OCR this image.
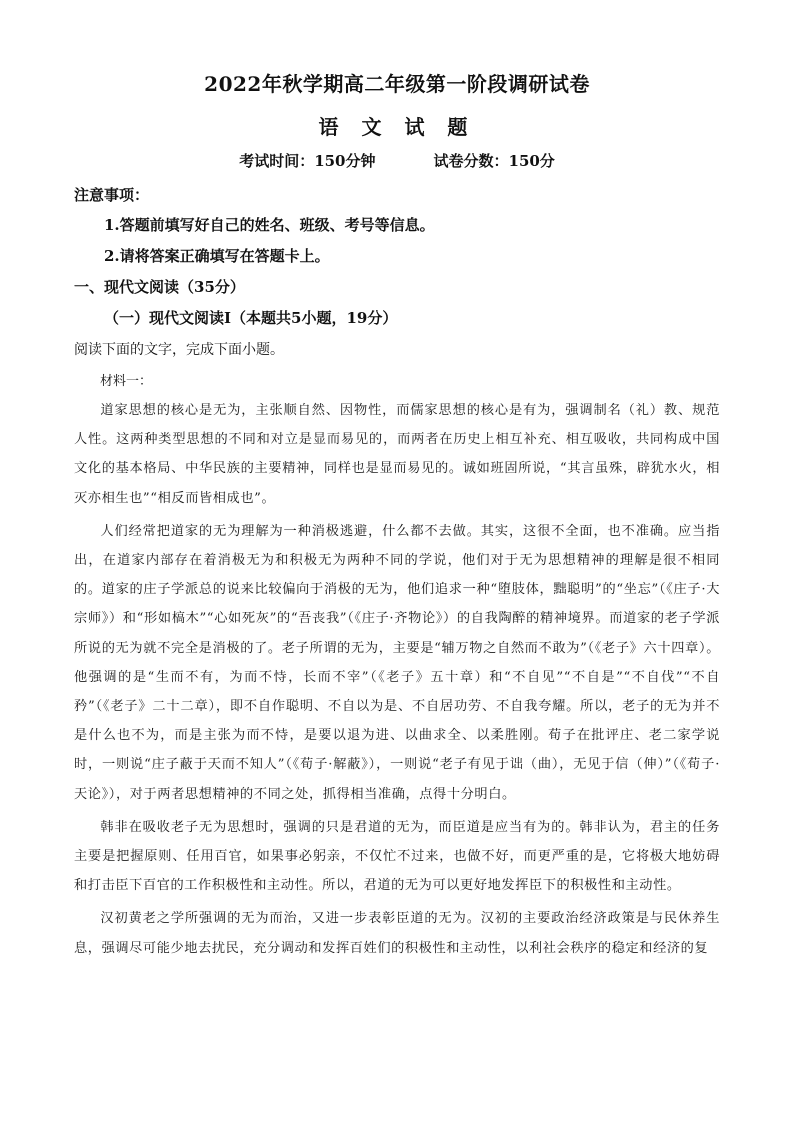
2022年秋学期高二年级第一阶段调研试卷
语 文 试 题
考试时间：150分钟	试卷分数：150分
注意事项：
1.答题前填写好自己的姓名、班级、考号等信息。
2.请将答案正确填写在答题卡上。
一、现代文阅读（35分）
（一）现代文阅读Ⅰ（本题共5小题，19分）
阅读下面的文字，完成下面小题。
材料一：

道家思想的核心是无为，主张顺自然、因物性，而儒家思想的核心是有为，强调制名（礼）教、规范人性。这两种类型思想的不同和对立是显而易见的，而两者在历史上相互补充、相互吸收，共同构成中国文化的基本格局、中华民族的主要精神，同样也是显而易见的。诚如班固所说，“其言虽殊，辟犹水火，相灭亦相生也”“相反而皆相成也”。

人们经常把道家的无为理解为一种消极逃避，什么都不去做。其实，这很不全面，也不准确。应当指出，在道家内部存在着消极无为和积极无为两种不同的学说，他们对于无为思想精神的理解是很不相同的。道家的庄子学派总的说来比较偏向于消极的无为，他们追求一种“堕肢体，黜聪明”的“坐忘”（《庄子·大宗师》）和“形如槁木”“心如死灰”的“吾丧我”（《庄子·齐物论》）的自我陶醉的精神境界。而道家的老子学派所说的无为就不完全是消极的了。老子所谓的无为，主要是“辅万物之自然而不敢为”（《老子》六十四章）。他强调的是“生而不有，为而不恃，长而不宰”（《老子》五十章）和“不自见”“不自是”“不自伐”“不自矜”（《老子》二十二章），即不自作聪明、不自以为是、不自居功劳、不自我夸耀。所以，老子的无为并不是什么也不为，而是主张为而不恃，是要以退为进、以曲求全、以柔胜刚。荀子在批评庄、老二家学说时，一则说“庄子蔽于天而不知人”（《荀子·解蔽》），一则说“老子有见于诎（曲），无见于信（伸）”（《荀子·天论》），对于两者思想精神的不同之处，抓得相当准确，点得十分明白。

韩非在吸收老子无为思想时，强调的只是君道的无为，而臣道是应当有为的。韩非认为，君主的任务主要是把握原则、任用百官，如果事必躬亲，不仅忙不过来，也做不好，而更严重的是，它将极大地妨碍和打击臣下百官的工作积极性和主动性。所以，君道的无为可以更好地发挥臣下的积极性和主动性。

汉初黄老之学所强调的无为而治，又进一步表彰臣道的无为。汉初的主要政治经济政策是与民休养生息，强调尽可能少地去扰民，充分调动和发挥百姓们的积极性和主动性，以利社会秩序的稳定和经济的复
